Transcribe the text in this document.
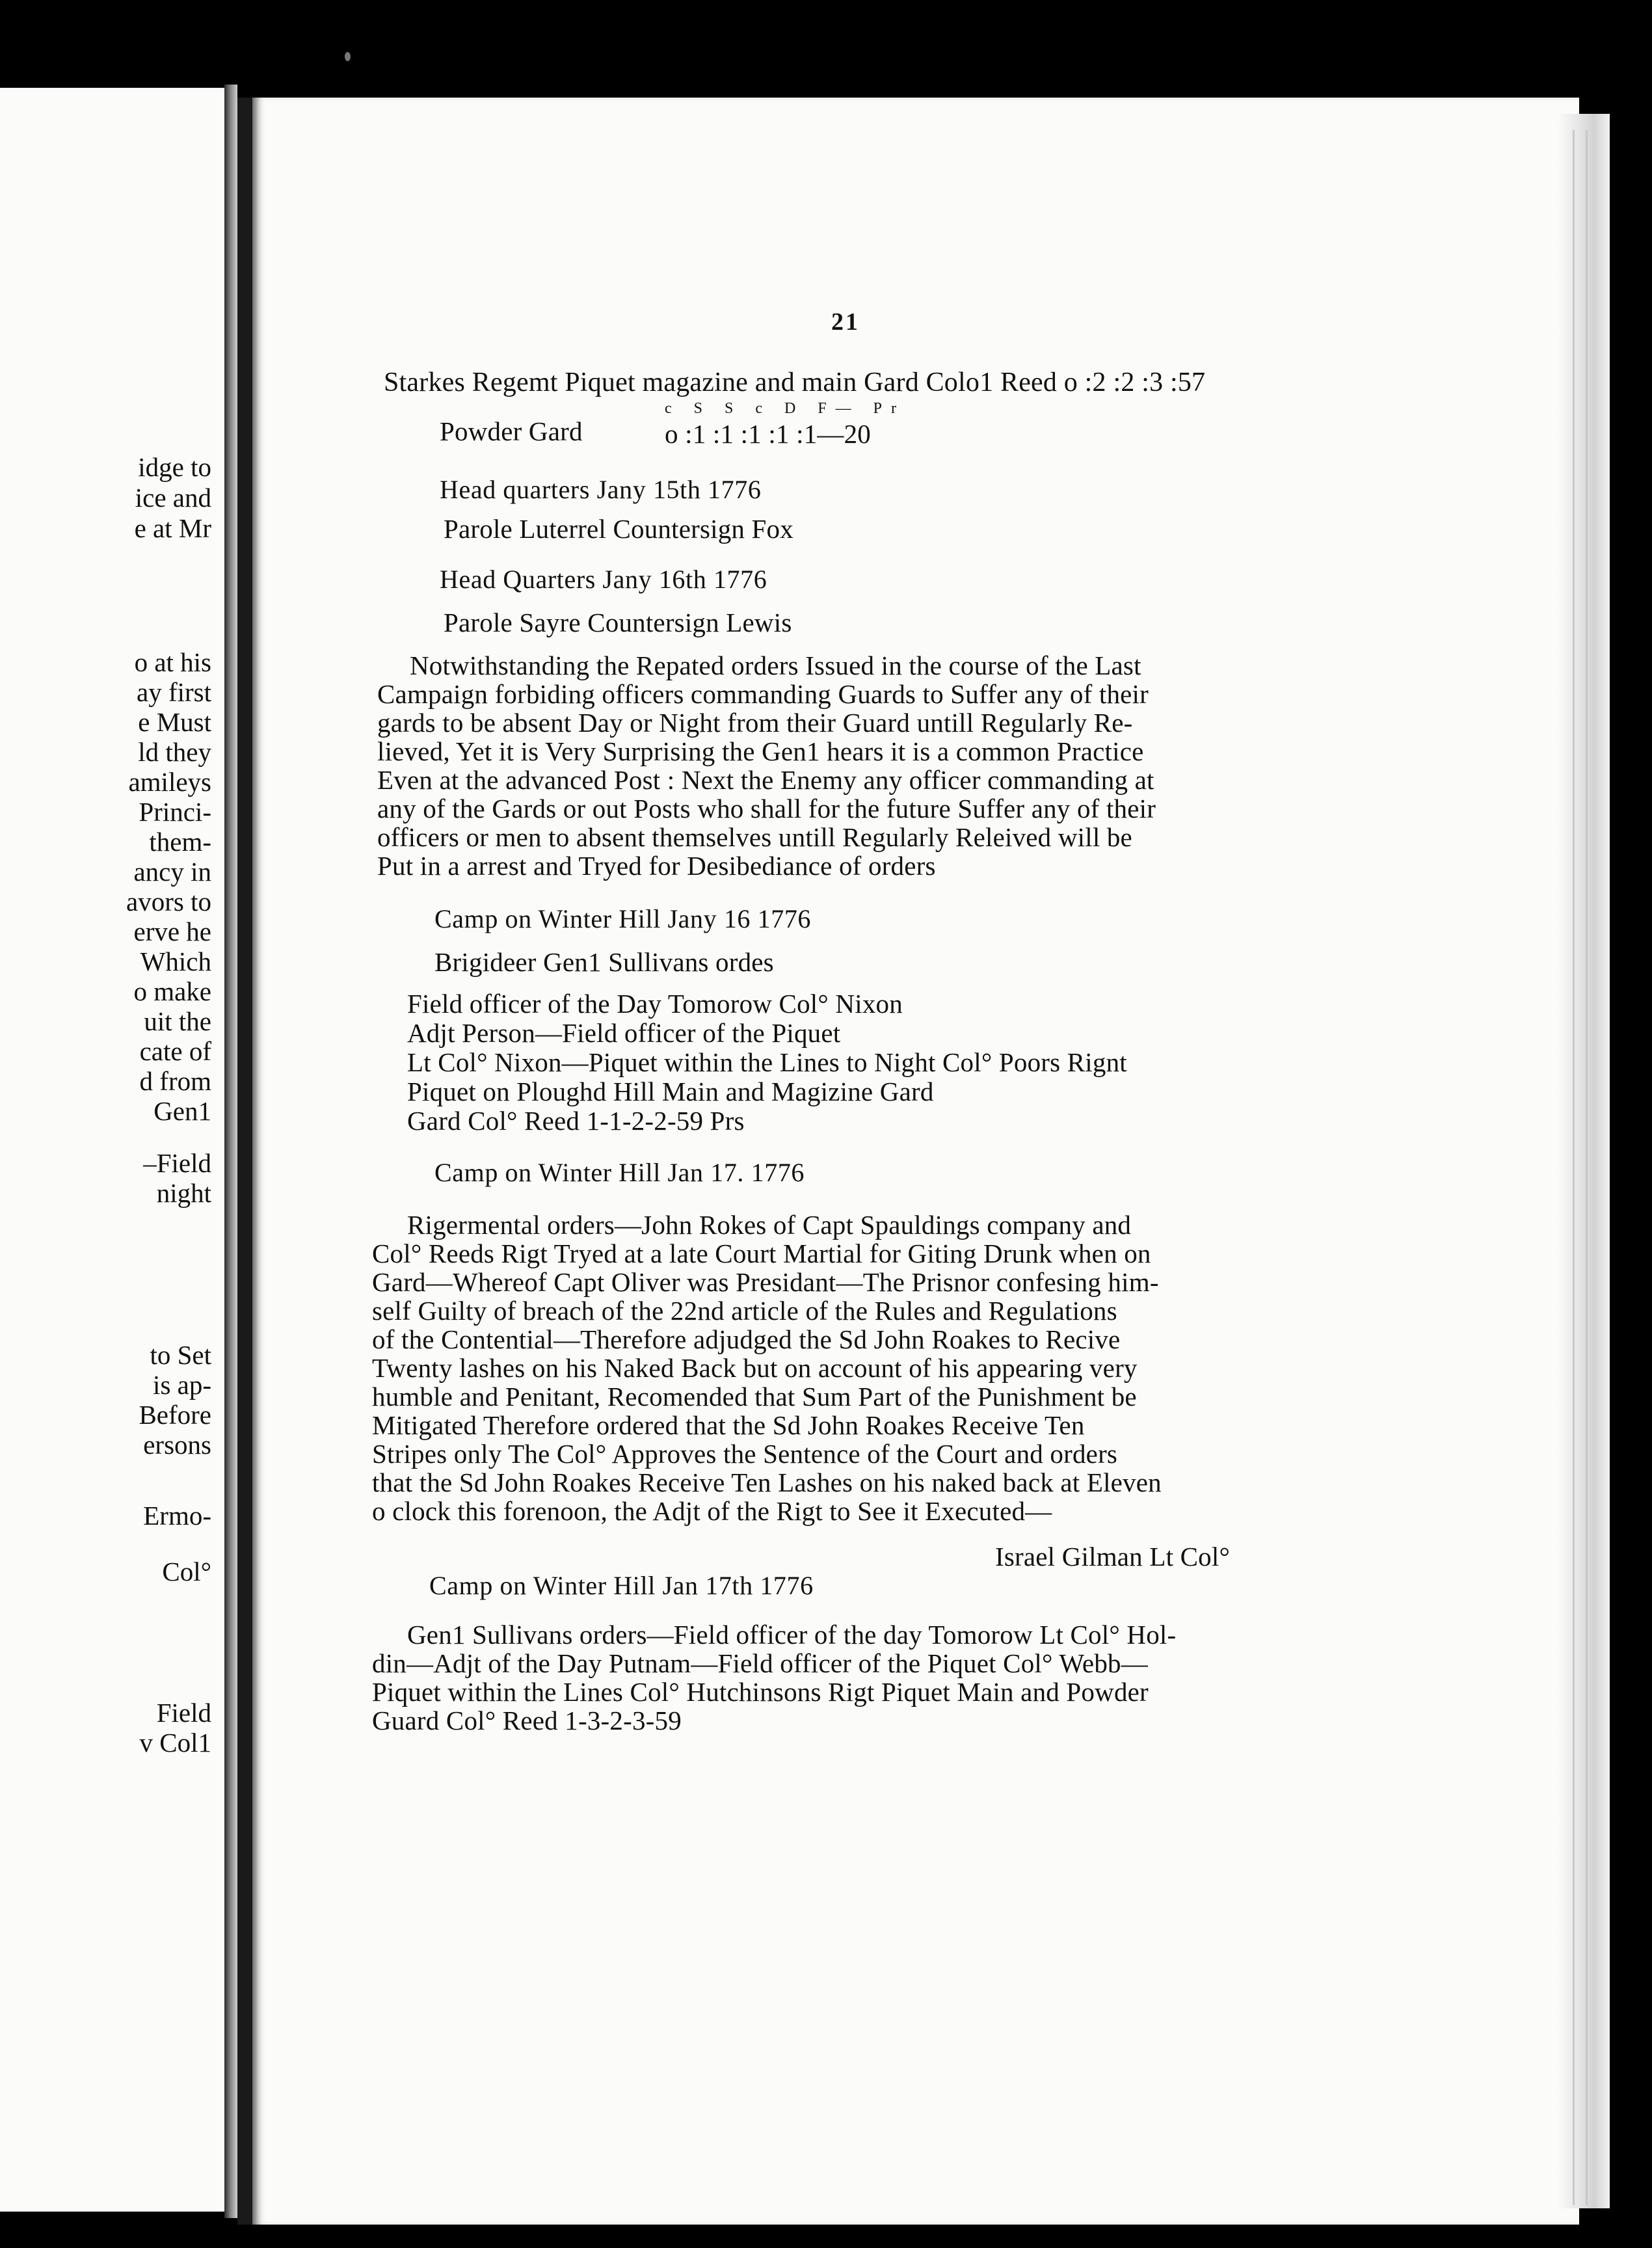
idge to

ice and

e at Mr

o at his

ay first

e Must

ld they

amileys

Princi-

them-

ancy in

avors to

erve he

Which

o make

uit the

cate of

d from

Gen1

–Field

night

to Set

is ap-

Before

ersons

Ermo-

Col°

Field

v Col1

21

Starkes Regemt Piquet magazine and main Gard Colo1 Reed o :2 :2 :3 :57

c S S c D F— Pr

Powder Gard	o :1 :1 :1 :1 :1—20

Head quarters Jany 15th 1776

Parole Luterrel Countersign Fox

Head Quarters Jany 16th 1776

Parole Sayre Countersign Lewis

Notwithstanding the Repated orders Issued in the course of the Last

Campaign forbiding officers commanding Guards to Suffer any of their

gards to be absent Day or Night from their Guard untill Regularly Re-

lieved, Yet it is Very Surprising the Gen1 hears it is a common Practice

Even at the advanced Post : Next the Enemy any officer commanding at

any of the Gards or out Posts who shall for the future Suffer any of their

officers or men to absent themselves untill Regularly Releived will be

Put in a arrest and Tryed for Desibediance of orders

Camp on Winter Hill Jany 16 1776

Brigideer Gen1 Sullivans ordes

Field officer of the Day Tomorow Col° Nixon

Adjt Person—Field officer of the Piquet

Lt Col° Nixon—Piquet within the Lines to Night Col° Poors Rignt

Piquet on Ploughd Hill Main and Magizine Gard

Gard Col° Reed 1-1-2-2-59 Prs

Camp on Winter Hill Jan 17. 1776

Rigermental orders—John Rokes of Capt Spauldings company and

Col° Reeds Rigt Tryed at a late Court Martial for Giting Drunk when on

Gard—Whereof Capt Oliver was Presidant—The Prisnor confesing him-

self Guilty of breach of the 22nd article of the Rules and Regulations

of the Contential—Therefore adjudged the Sd John Roakes to Recive

Twenty lashes on his Naked Back but on account of his appearing very

humble and Penitant, Recomended that Sum Part of the Punishment be

Mitigated Therefore ordered that the Sd John Roakes Receive Ten

Stripes only The Col° Approves the Sentence of the Court and orders

that the Sd John Roakes Receive Ten Lashes on his naked back at Eleven

o clock this forenoon, the Adjt of the Rigt to See it Executed—

Israel Gilman Lt Col°

Camp on Winter Hill Jan 17th 1776

Gen1 Sullivans orders—Field officer of the day Tomorow Lt Col° Hol-

din—Adjt of the Day Putnam—Field officer of the Piquet Col° Webb—

Piquet within the Lines Col° Hutchinsons Rigt Piquet Main and Powder

Guard Col° Reed 1-3-2-3-59
